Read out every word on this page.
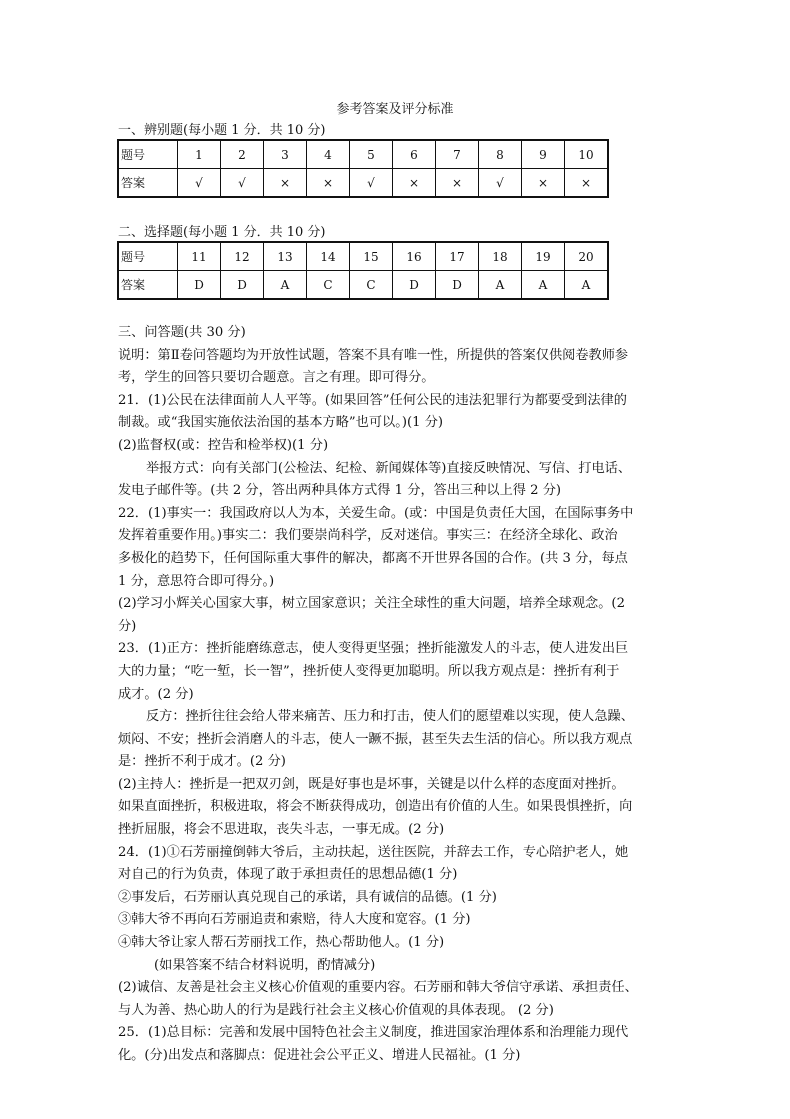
参考答案及评分标准
一、辨别题(每小题 1 分．共 10 分)
题号	1	2	3	4	5	6	7	8	9	10
答案	√	√	×	×	√	×	×	√	×	×
二、选择题(每小题 1 分．共 10 分)
题号	11	12	13	14	15	16	17	18	19	20
答案	D	D	A	C	C	D	D	A	A	A

三、问答题(共 30 分)

说明：第Ⅱ卷问答题均为开放性试题，答案不具有唯一性，所提供的答案仅供阅卷教师参

考，学生的回答只要切合题意。言之有理。即可得分。

21．(1)公民在法律面前人人平等。(如果回答”任何公民的违法犯罪行为都要受到法律的

制裁。或“我国实施依法治国的基本方略”也可以。)(1 分)

(2)监督权(或：控告和检举权)(1 分)

举报方式：向有关部门(公检法、纪检、新闻媒体等)直接反映情况、写信、打电话、

发电子邮件等。(共 2 分，答出两种具体方式得 1 分，答出三种以上得 2 分)

22．(1)事实一：我国政府以人为本，关爱生命。(或：中国是负责任大国，在国际事务中

发挥着重要作用。)事实二：我们要崇尚科学，反对迷信。事实三：在经济全球化、政治

多极化的趋势下，任何国际重大事件的解决，都离不开世界各国的合作。(共 3 分，每点

1 分，意思符合即可得分。)

(2)学习小辉关心国家大事，树立国家意识；关注全球性的重大问题，培养全球观念。(2

分)

23．(1)正方：挫折能磨练意志，使人变得更坚强；挫折能激发人的斗志，使人进发出巨

大的力量；“吃一堑，长一智”，挫折使人变得更加聪明。所以我方观点是：挫折有利于

成才。(2 分)

反方：挫折往往会给人带来痛苦、压力和打击，使人们的愿望难以实现，使人急躁、

烦闷、不安；挫折会消磨人的斗志，使人一蹶不振，甚至失去生活的信心。所以我方观点

是：挫折不利于成才。(2 分)

(2)主持人：挫折是一把双刃剑，既是好事也是坏事，关键是以什么样的态度面对挫折。

如果直面挫折，积极进取，将会不断获得成功，创造出有价值的人生。如果畏惧挫折，向

挫折屈服，将会不思进取，丧失斗志，一事无成。(2 分)

24．(1)①石芳丽撞倒韩大爷后，主动扶起，送往医院，并辞去工作，专心陪护老人，她

对自己的行为负责，体现了敢于承担责任的思想品德(1 分)

②事发后，石芳丽认真兑现自己的承诺，具有诚信的品德。(1 分)

③韩大爷不再向石芳丽追责和索赔，待人大度和宽容。(1 分)

④韩大爷让家人帮石芳丽找工作，热心帮助他人。(1 分)

(如果答案不结合材料说明，酌情减分)

(2)诚信、友善是社会主义核心价值观的重要内容。石芳丽和韩大爷信守承诺、承担责任、

与人为善、热心助人的行为是践行社会主义核心价值观的具体表现。 (2 分)

25．(1)总目标：完善和发展中国特色社会主义制度，推进国家治理体系和治理能力现代

化。(分)出发点和落脚点：促进社会公平正义、增进人民福祉。(1 分)
